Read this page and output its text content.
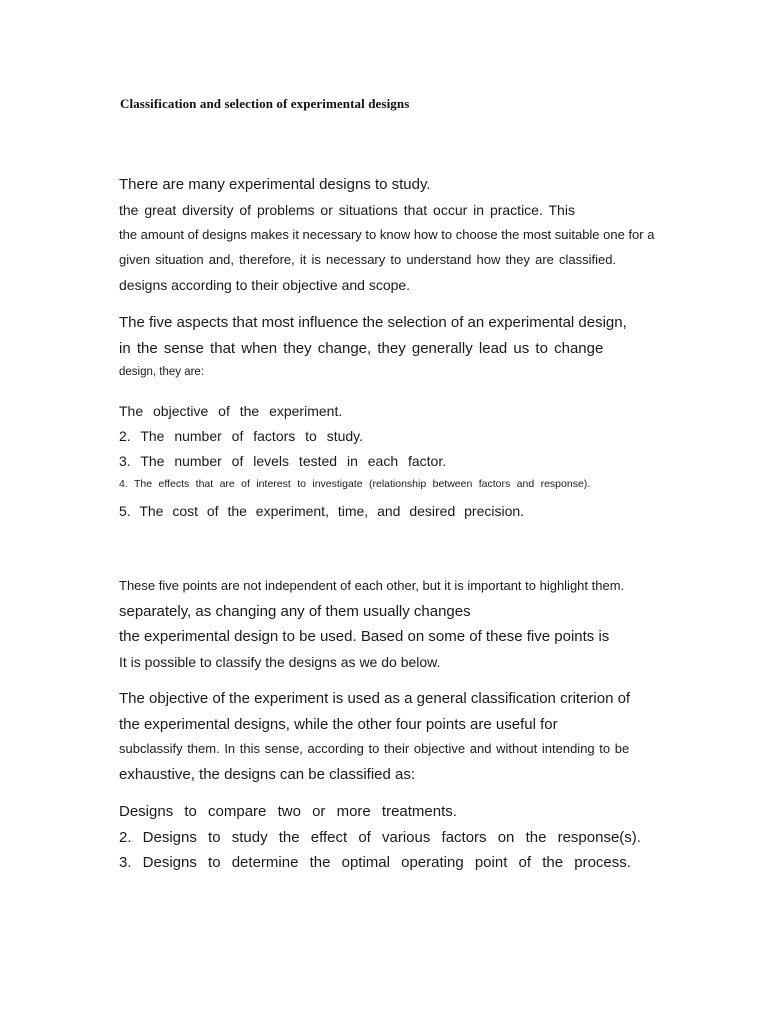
Classification and selection of experimental designs
There are many experimental designs to study.
the great diversity of problems or situations that occur in practice. This
the amount of designs makes it necessary to know how to choose the most suitable one for a
given situation and, therefore, it is necessary to understand how they are classified.
designs according to their objective and scope.
The five aspects that most influence the selection of an experimental design,
in the sense that when they change, they generally lead us to change
design, they are:
The objective of the experiment.
2. The number of factors to study.
3. The number of levels tested in each factor.
4. The effects that are of interest to investigate (relationship between factors and response).
5. The cost of the experiment, time, and desired precision.
These five points are not independent of each other, but it is important to highlight them.
separately, as changing any of them usually changes
the experimental design to be used. Based on some of these five points is
It is possible to classify the designs as we do below.
The objective of the experiment is used as a general classification criterion of
the experimental designs, while the other four points are useful for
subclassify them. In this sense, according to their objective and without intending to be
exhaustive, the designs can be classified as:
Designs to compare two or more treatments.
2. Designs to study the effect of various factors on the response(s).
3. Designs to determine the optimal operating point of the process.
